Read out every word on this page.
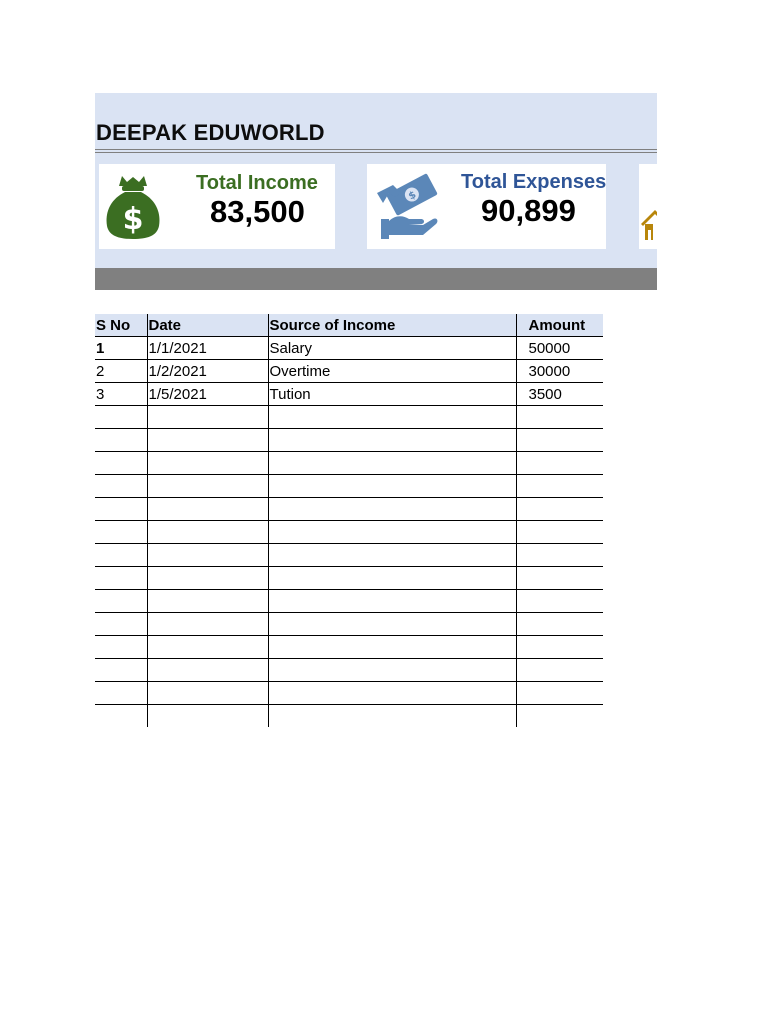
DEEPAK EDUWORLD
$
Total Income
83,500	$
Total Expenses
90,899
S No	Date	Source of Income	Amount
1	1/1/2021	Salary	50000
2	1/2/2021	Overtime	30000
3	1/5/2021	Tution	3500
